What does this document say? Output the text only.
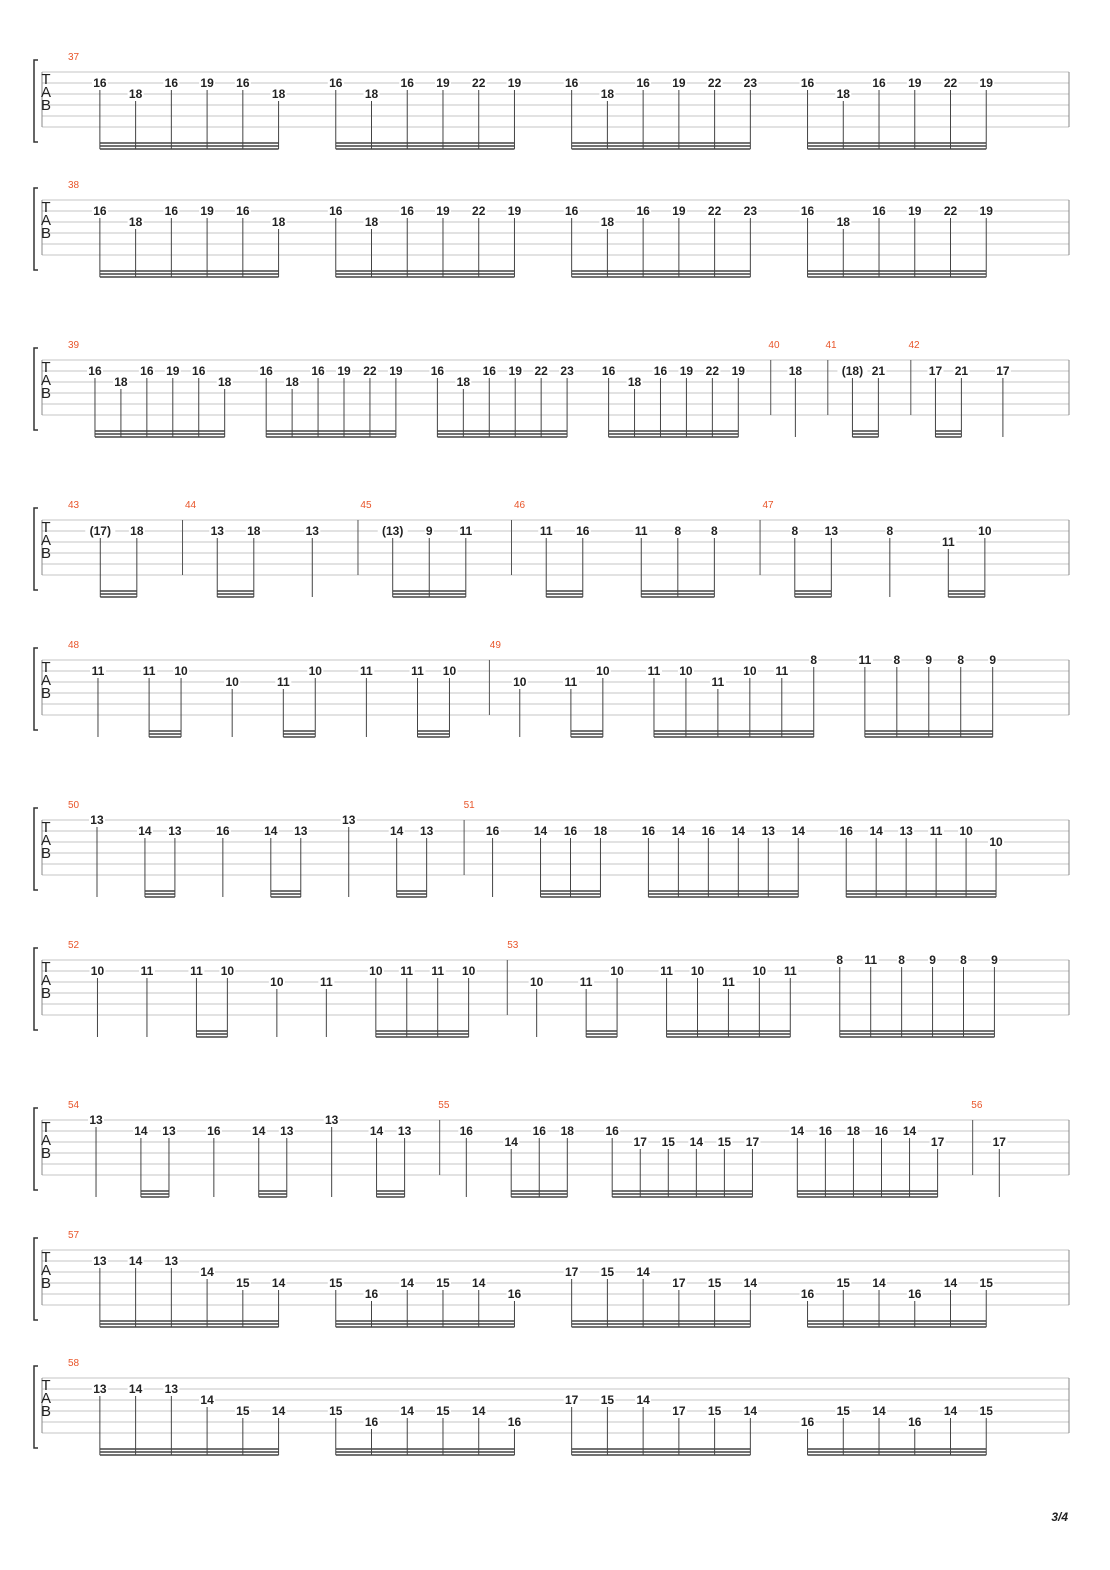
T
A
B
37
16
18
16 19 16
18
16
18
16 19 22 19	16
18
16 19 22 23	16
18
16 19 22 19
T
A
B
38
16
18
16 19 16
18
16
18
16 19 22 19	16
18
16 19 22 23	16
18
16 19 22 19
T
A
B
39
16
18
16 19 16
18
16
18
16 19 22 19 16
18
16 19 22 23 16
18
16 19 22 19
40
18
41
(18) 21
42
17 21 17
T
A
B
43
(17) 18
44
13 18	13
45
(13) 9 11
46
11 16	11 8 8
47
8 13	8
11
10
T
A
B
48
11	11 10
10	11
10	11	11 10
49
10	11
10	11 10
11
10 11
8	11 8 9 8 9
T
A
B
50
13
14 13	16	14 13
13
14 13
51
16	14 16 18	16 14 16 14 13 14	16 14 13 11 10
10
T
A
B
52
10	11	11 10
10	11
10 11 11 10
53
10	11
10	11 10
11
10 11
8 11 8 9 8 9
T
A
B
54
13
14 13	16	14 13
13
14 13
55
16
14
16 18	16
17 15 14 15 17
14 16 18 16 14
17
56
17
T
A
B
57
13 14 13
14
15 14	15
16
14 15 14
16
17 15 14
17 15 14
16
15 14
16
14 15
T
A
B
58
13 14 13
14
15 14	15
16
14 15 14
16
17 15 14
17 15 14
16
15 14
16
14 15
3/4
